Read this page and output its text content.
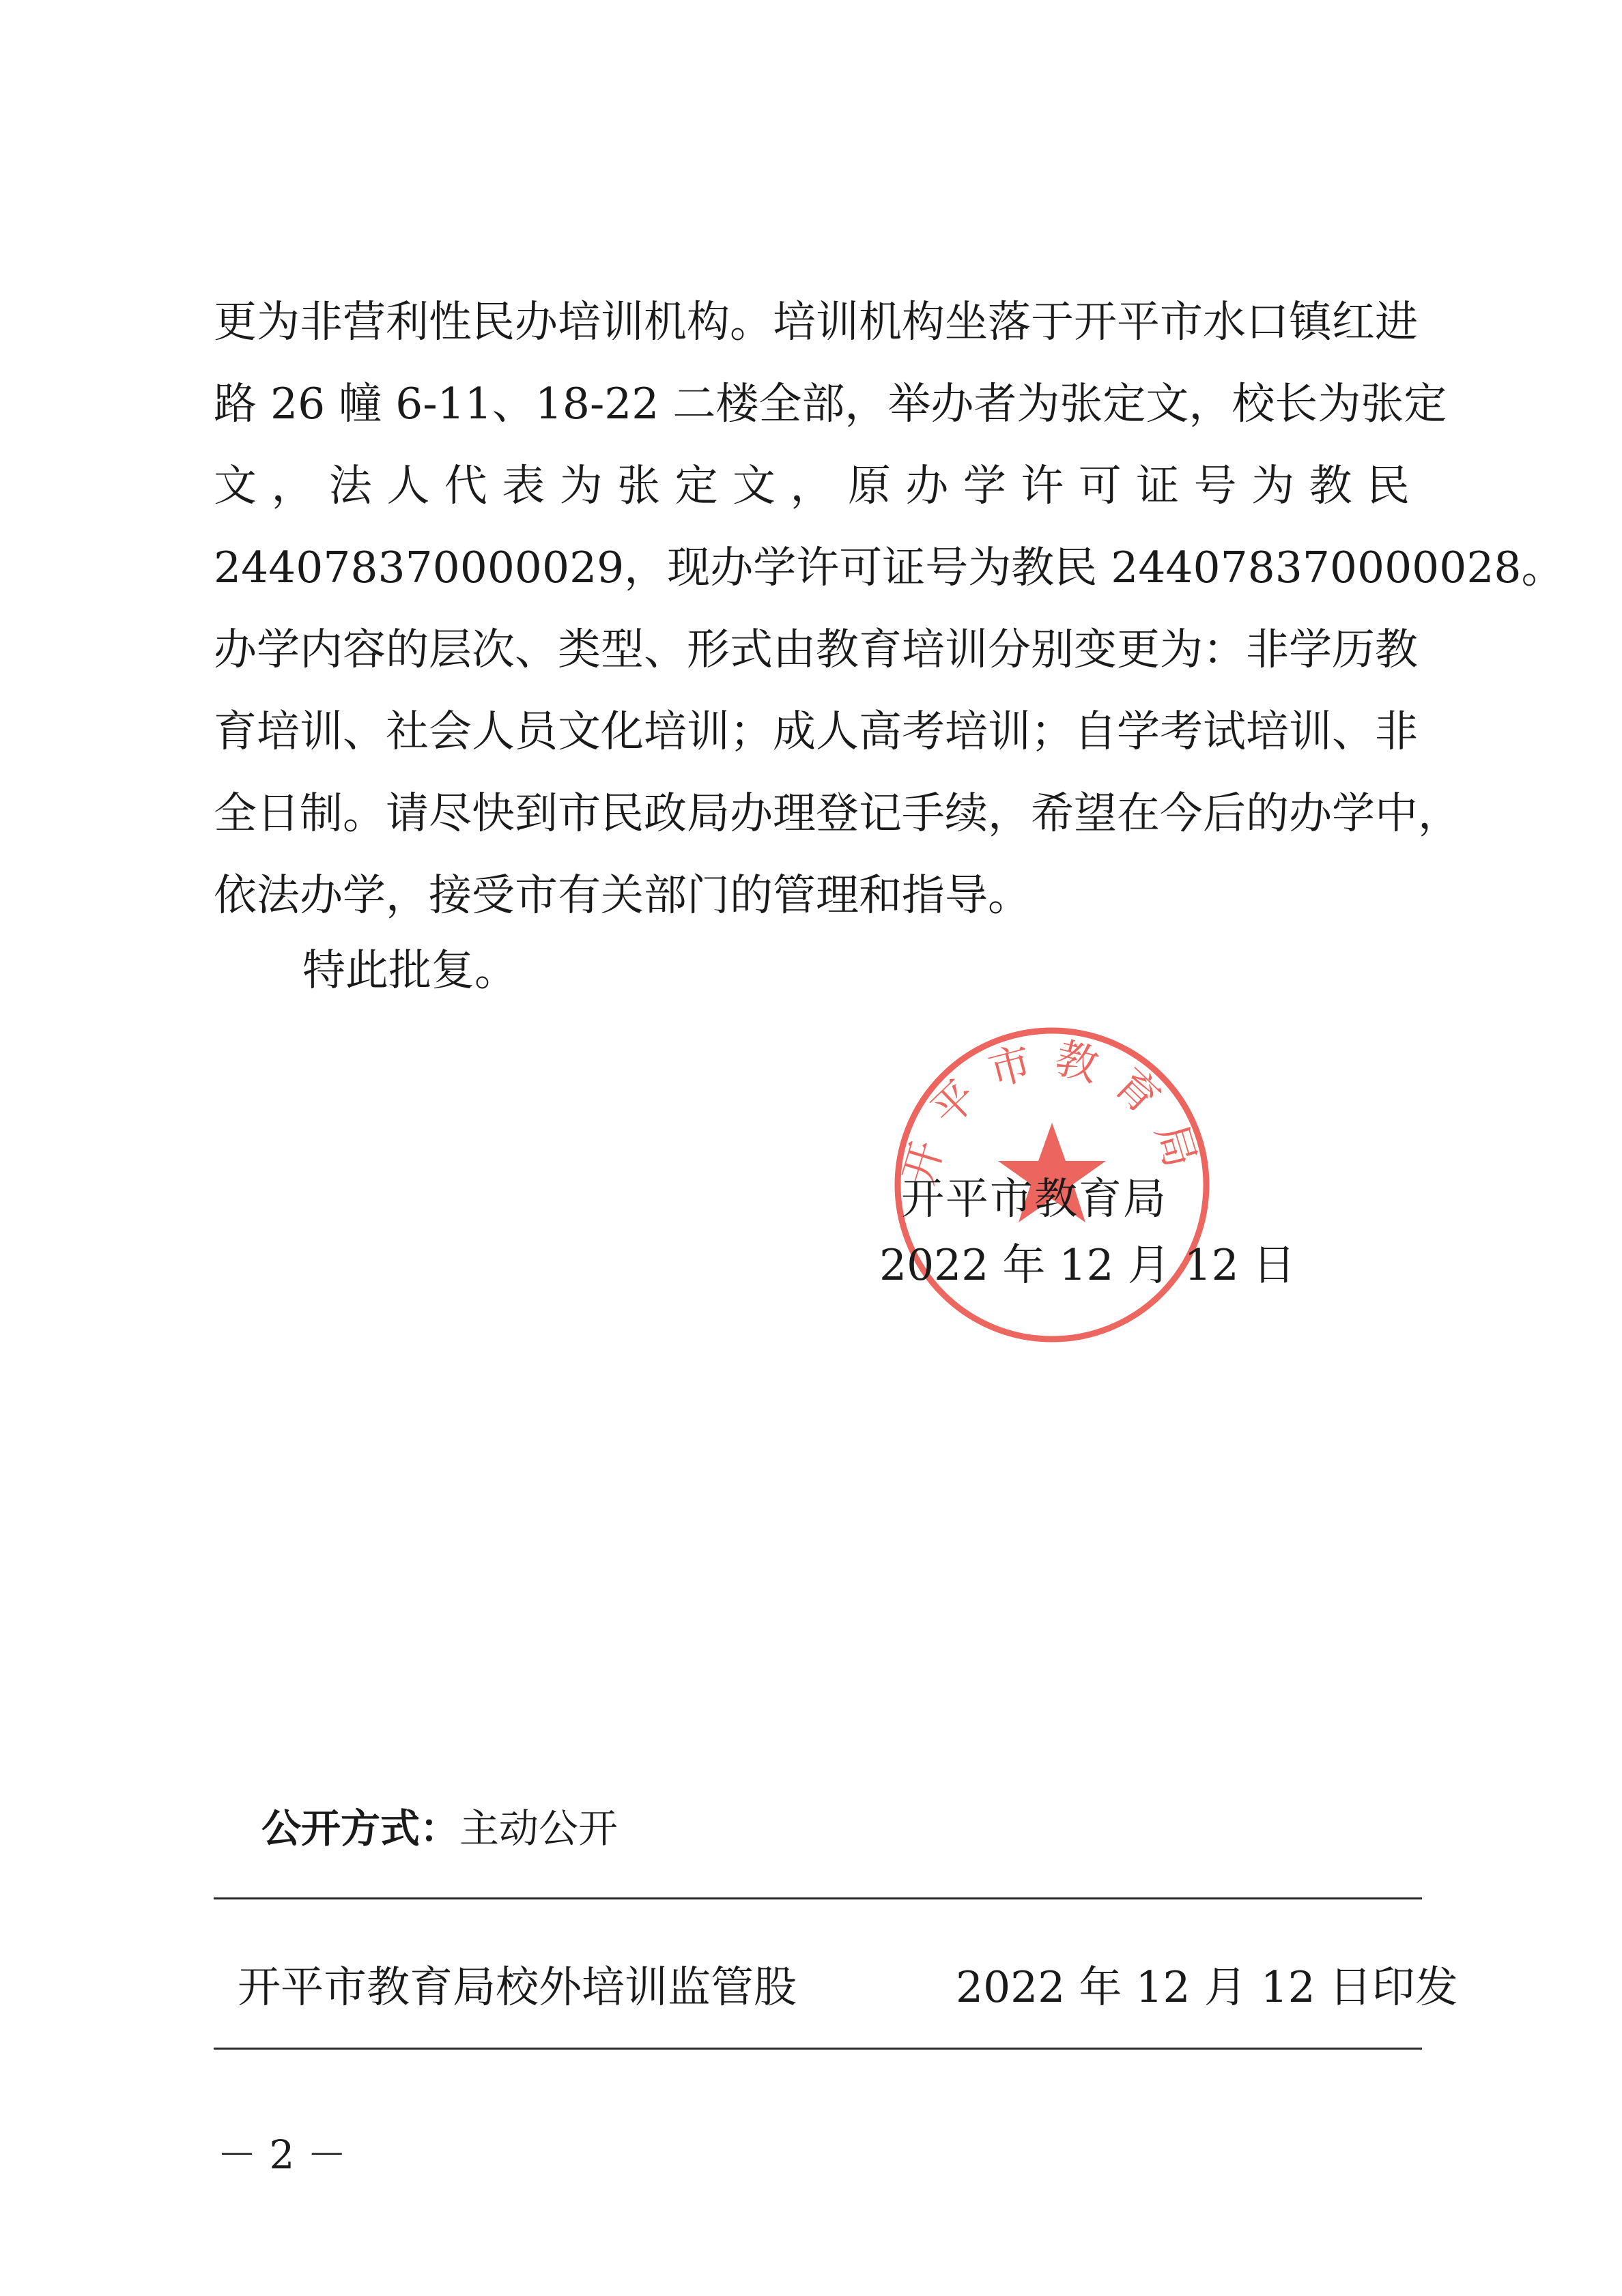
更为非营利性民办培训机构。培训机构坐落于开平市水口镇红进
路 26 幢 6-11、18-22 二楼全部，举办者为张定文，校长为张定
文 ， 法 人 代 表 为 张 定 文 ， 原 办 学 许 可 证 号 为 教 民
244078370000029，现办学许可证号为教民 244078370000028。
办学内容的层次、类型、形式由教育培训分别变更为：非学历教
育培训、社会人员文化培训；成人高考培训；自学考试培训、非
全日制。请尽快到市民政局办理登记手续，希望在今后的办学中，
依法办学，接受市有关部门的管理和指导。
特此批复。
开平市教育局
开平市教育局
2022 年 12 月 12 日
公开方式：主动公开
开平市教育局校外培训监管股	2022 年 12 月 12 日印发
－ 2 －
